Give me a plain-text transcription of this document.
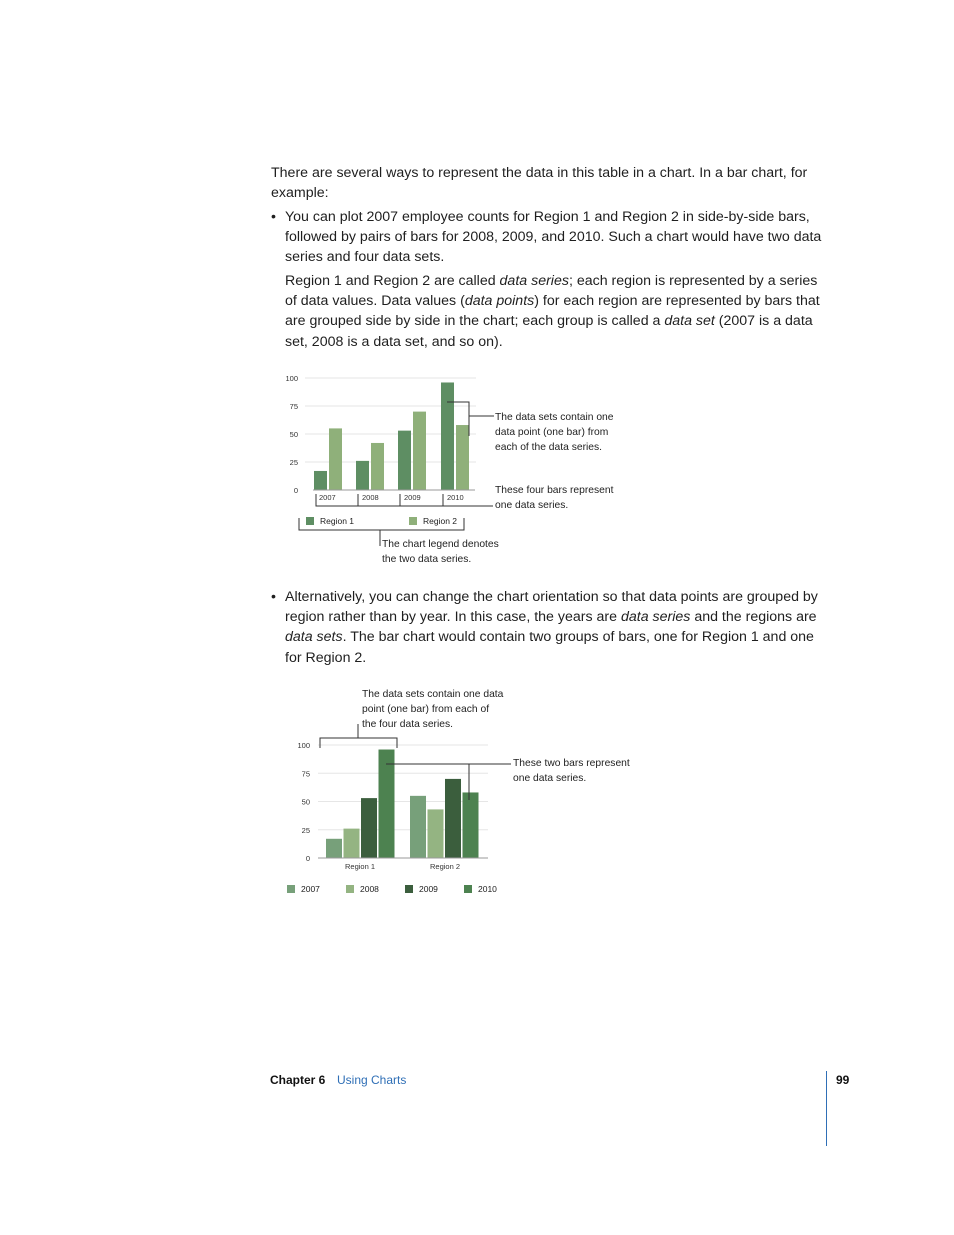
There are several ways to represent the data in this table in a chart. In a bar chart, for example:

• You can plot 2007 employee counts for Region 1 and Region 2 in side-by-side bars, followed by pairs of bars for 2008, 2009, and 2010. Such a chart would have two data series and four data sets.

Region 1 and Region 2 are called data series; each region is represented by a series of data values. Data values (data points) for each region are represented by bars that are grouped side by side in the chart; each group is called a data set (2007 is a data set, 2008 is a data set, and so on).

0
25
50
75
100
2007	2008	2009	2010
Region 1	Region 2
The data sets contain one
data point (one bar) from
each of the data series.
These four bars represent
one data series.
The chart legend denotes
the two data series.
0
25
50
75
100
Region 1	Region 2
2007	2008	2009	2010
The data sets contain one data
point (one bar) from each of
the four data series.
These two bars represent
one data series.
• Alternatively, you can change the chart orientation so that data points are grouped by region rather than by year. In this case, the years are data series and the regions are data sets. The bar chart would contain two groups of bars, one for Region 1 and one for Region 2.

Chapter 6 Using Charts	99
